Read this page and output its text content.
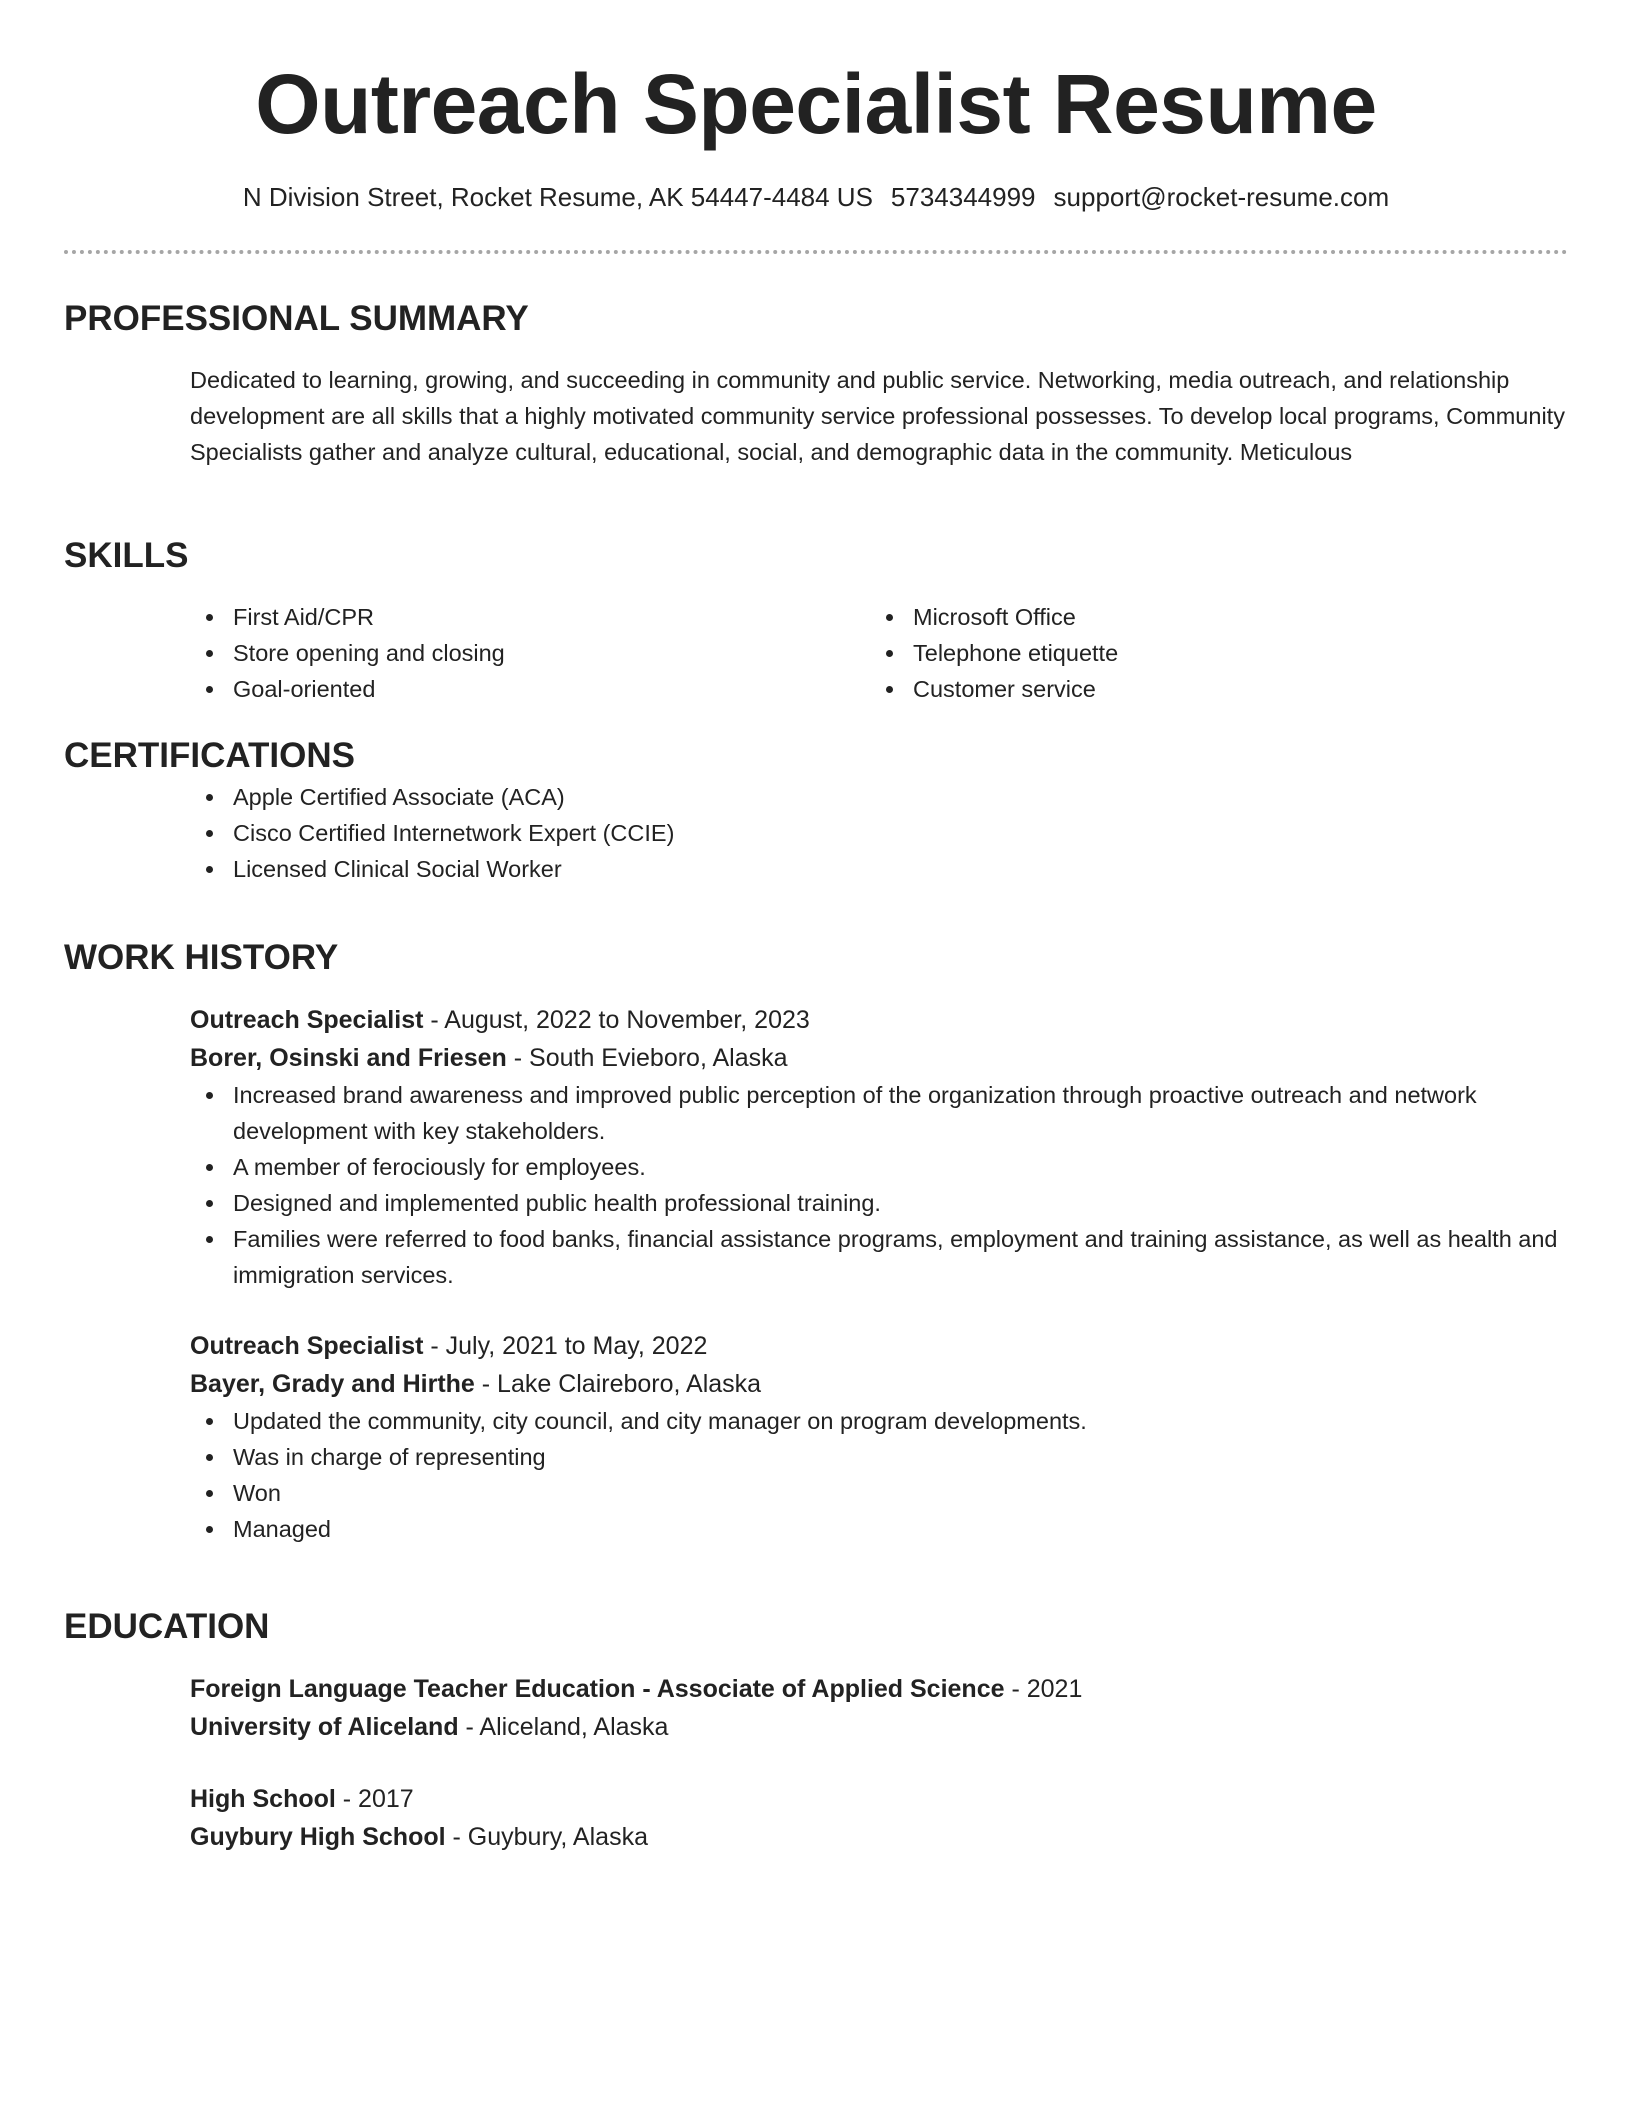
Outreach Specialist Resume
N Division Street, Rocket Resume, AK 54447-4484 US 5734344999 support@rocket-resume.com
PROFESSIONAL SUMMARY

Dedicated to learning, growing, and succeeding in community and public service. Networking, media outreach, and relationship development are all skills that a highly motivated community service professional possesses. To develop local programs, Community Specialists gather and analyze cultural, educational, social, and demographic data in the community. Meticulous

SKILLS
First Aid/CPR
Store opening and closing
Goal-oriented
Microsoft Office
Telephone etiquette
Customer service
CERTIFICATIONS
Apple Certified Associate (ACA)
Cisco Certified Internetwork Expert (CCIE)
Licensed Clinical Social Worker
WORK HISTORY
Outreach Specialist - August, 2022 to November, 2023
Borer, Osinski and Friesen - South Evieboro, Alaska
Increased brand awareness and improved public perception of the organization through proactive outreach and network development with key stakeholders.
A member of ferociously for employees.
Designed and implemented public health professional training.
Families were referred to food banks, financial assistance programs, employment and training assistance, as well as health and immigration services.
Outreach Specialist - July, 2021 to May, 2022
Bayer, Grady and Hirthe - Lake Claireboro, Alaska
Updated the community, city council, and city manager on program developments.
Was in charge of representing
Won
Managed
EDUCATION
Foreign Language Teacher Education - Associate of Applied Science - 2021
University of Aliceland - Aliceland, Alaska
High School - 2017
Guybury High School - Guybury, Alaska
